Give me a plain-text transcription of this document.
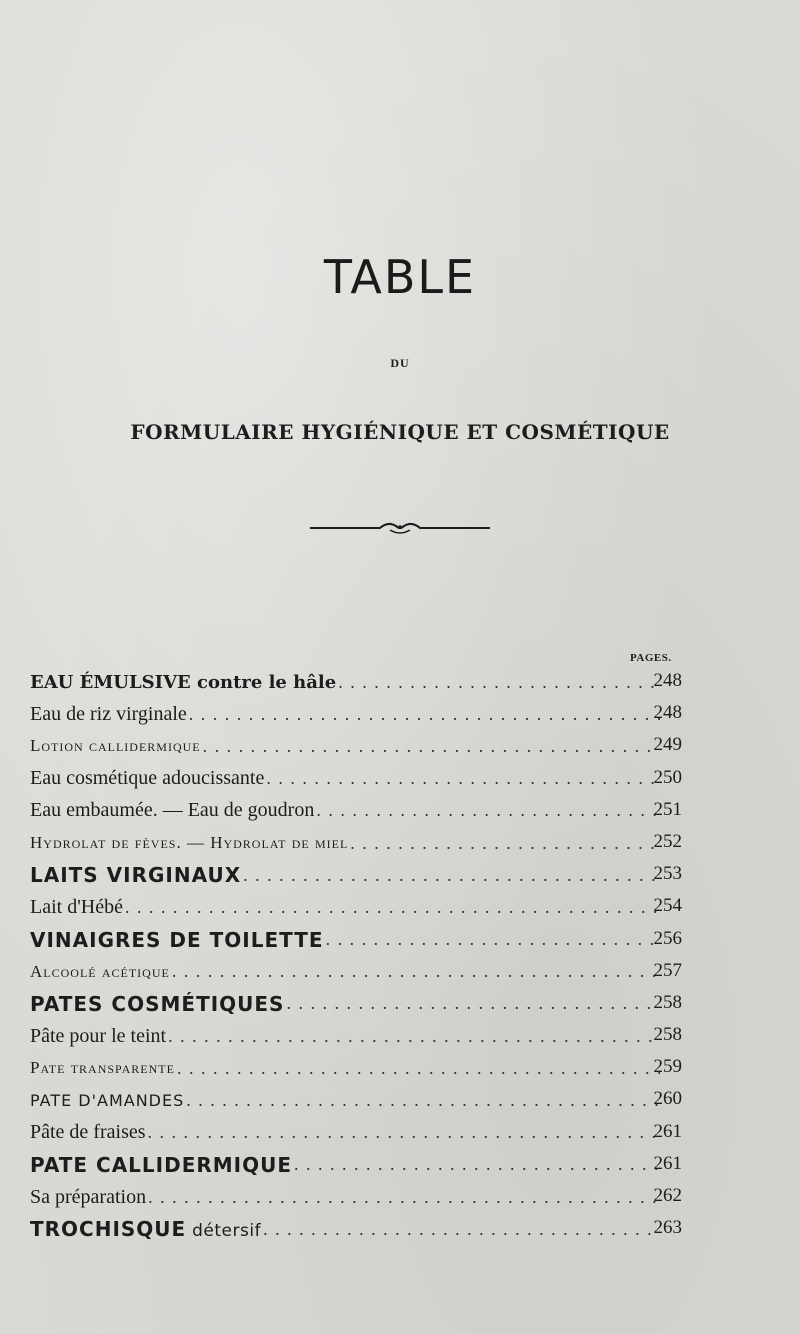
TABLE
DU
FORMULAIRE HYGIÉNIQUE ET COSMÉTIQUE
PAGES.
EAU ÉMULSIVE contre le hâle . . .	248
Eau de riz virginale . . .	248
Lotion callidermique . . .	249
Eau cosmétique adoucissante . . .	250
Eau embaumée. — Eau de goudron . . .	251
Hydrolat de fèves. — Hydrolat de miel . . .	252
LAITS VIRGINAUX . . .	253
Lait d'Hébé . . .	254
VINAIGRES DE TOILETTE . . .	256
Alcoolé acétique . . .	257
PATES COSMÉTIQUES . . .	258
Pâte pour le teint . . .	258
Pate transparente . . .	259
PATE D'AMANDES . . .	260
Pâte de fraises . . .	261
PATE CALLIDERMIQUE . . .	261
Sa préparation . . .	262
TROCHISQUE détersif . . .	263
